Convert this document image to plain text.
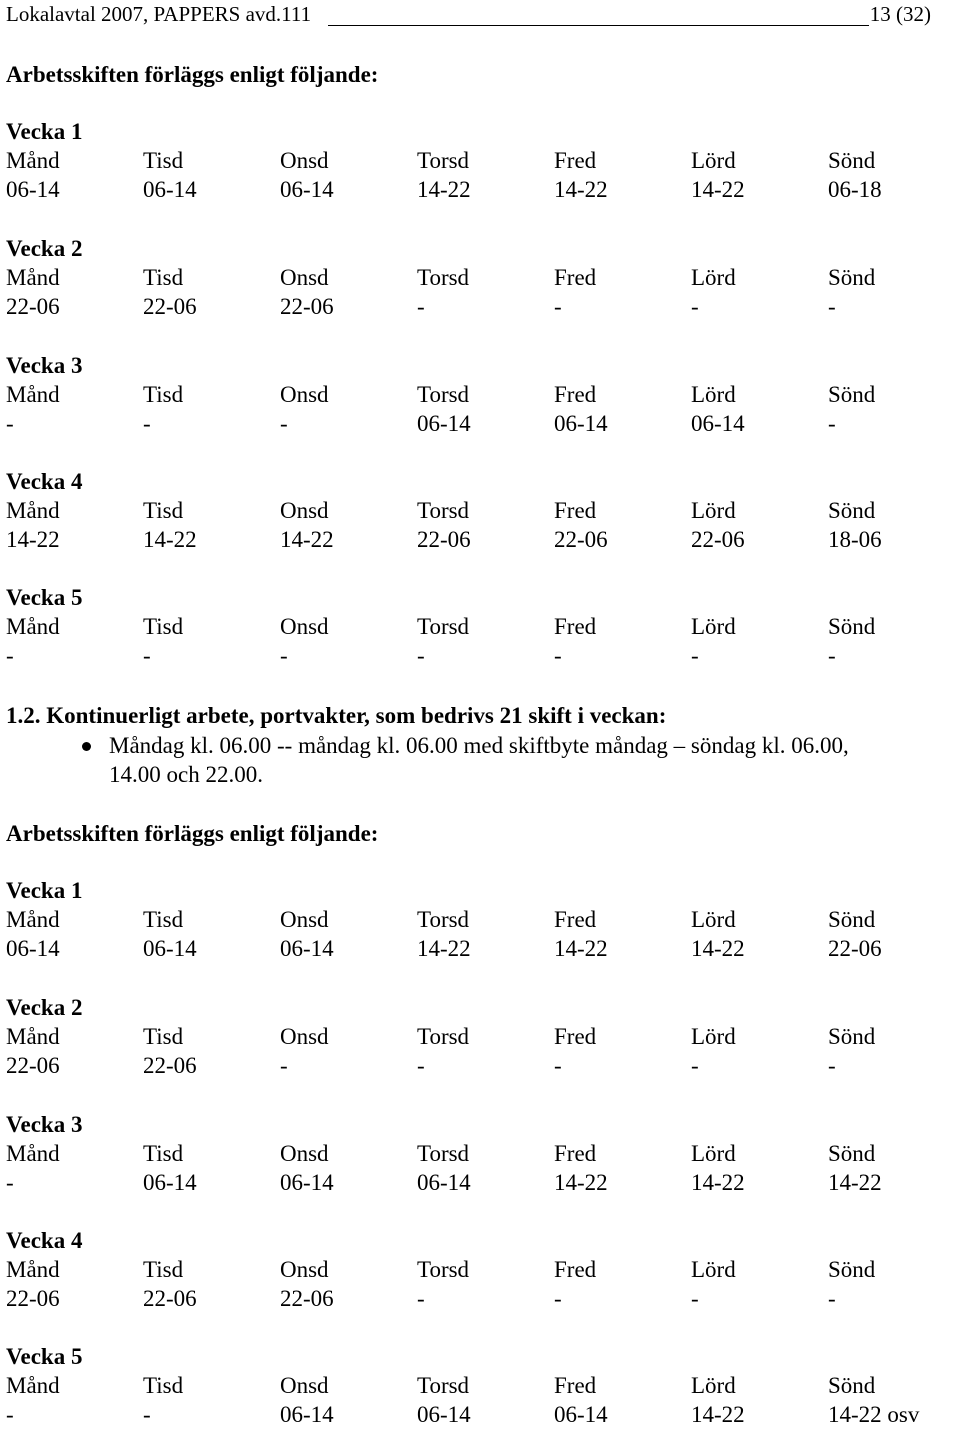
Lokalavtal 2007, PAPPERS avd.111	13 (32)
Arbetsskiften förläggs enligt följande:
Vecka 1
Månd	Tisd	Onsd	Torsd	Fred	Lörd	Sönd
06-14	06-14	06-14	14-22	14-22	14-22	06-18
Vecka 2
Månd	Tisd	Onsd	Torsd	Fred	Lörd	Sönd
22-06	22-06	22-06	-	-	-	-
Vecka 3
Månd	Tisd	Onsd	Torsd	Fred	Lörd	Sönd
-	-	-	06-14	06-14	06-14	-
Vecka 4
Månd	Tisd	Onsd	Torsd	Fred	Lörd	Sönd
14-22	14-22	14-22	22-06	22-06	22-06	18-06
Vecka 5
Månd	Tisd	Onsd	Torsd	Fred	Lörd	Sönd
-	-	-	-	-	-	-
1.2. Kontinuerligt arbete, portvakter, som bedrivs 21 skift i veckan:
Måndag kl. 06.00 -- måndag kl. 06.00 med skiftbyte måndag – söndag kl. 06.00, 14.00 och 22.00.
Arbetsskiften förläggs enligt följande:
Vecka 1
Månd	Tisd	Onsd	Torsd	Fred	Lörd	Sönd
06-14	06-14	06-14	14-22	14-22	14-22	22-06
Vecka 2
Månd	Tisd	Onsd	Torsd	Fred	Lörd	Sönd
22-06	22-06	-	-	-	-	-
Vecka 3
Månd	Tisd	Onsd	Torsd	Fred	Lörd	Sönd
-	06-14	06-14	06-14	14-22	14-22	14-22
Vecka 4
Månd	Tisd	Onsd	Torsd	Fred	Lörd	Sönd
22-06	22-06	22-06	-	-	-	-
Vecka 5
Månd	Tisd	Onsd	Torsd	Fred	Lörd	Sönd
-	-	06-14	06-14	06-14	14-22	14-22 osv
